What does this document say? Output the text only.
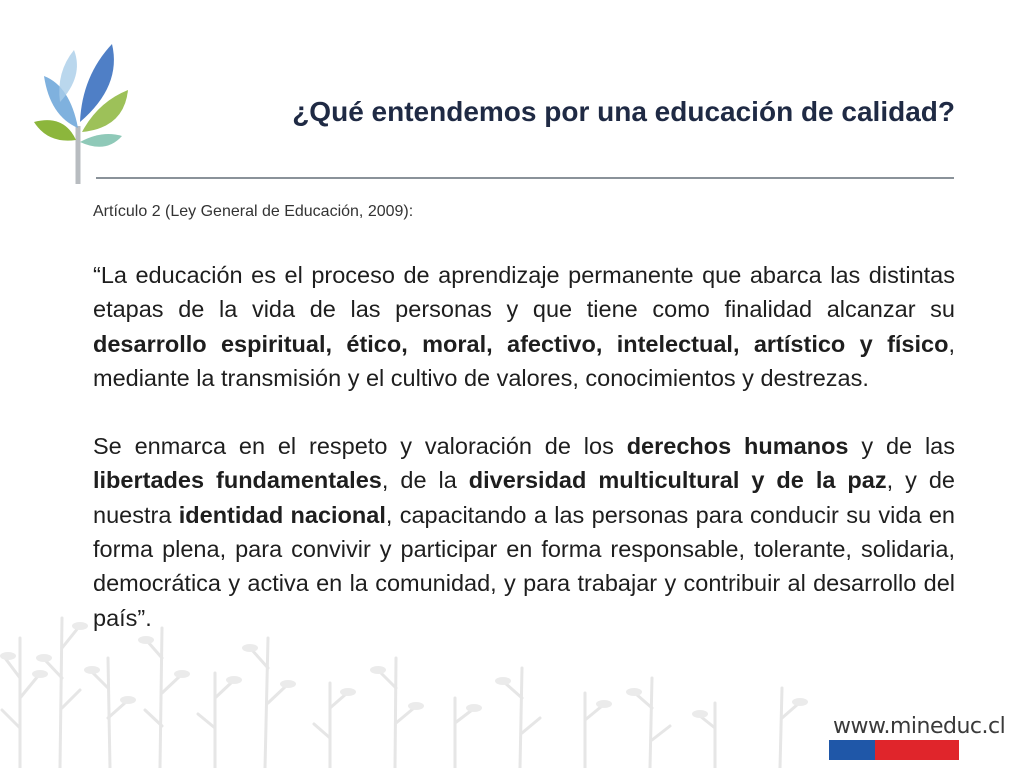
¿Qué entendemos por una educación de calidad?
Artículo 2 (Ley General de Educación, 2009):

“La educación es el proceso de aprendizaje permanente que abarca las distintas etapas de la vida de las personas y que tiene como finalidad alcanzar su desarrollo espiritual, ético, moral, afectivo, intelectual, artístico y físico, mediante la transmisión y el cultivo de valores, conocimientos y destrezas.

Se enmarca en el respeto y valoración de los derechos humanos y de las libertades fundamentales, de la diversidad multicultural y de la paz, y de nuestra identidad nacional, capacitando a las personas para conducir su vida en forma plena, para convivir y participar en forma responsable, tolerante, solidaria, democrática y activa en la comunidad, y para trabajar y contribuir al desarrollo del país”.

www.mineduc.cl
